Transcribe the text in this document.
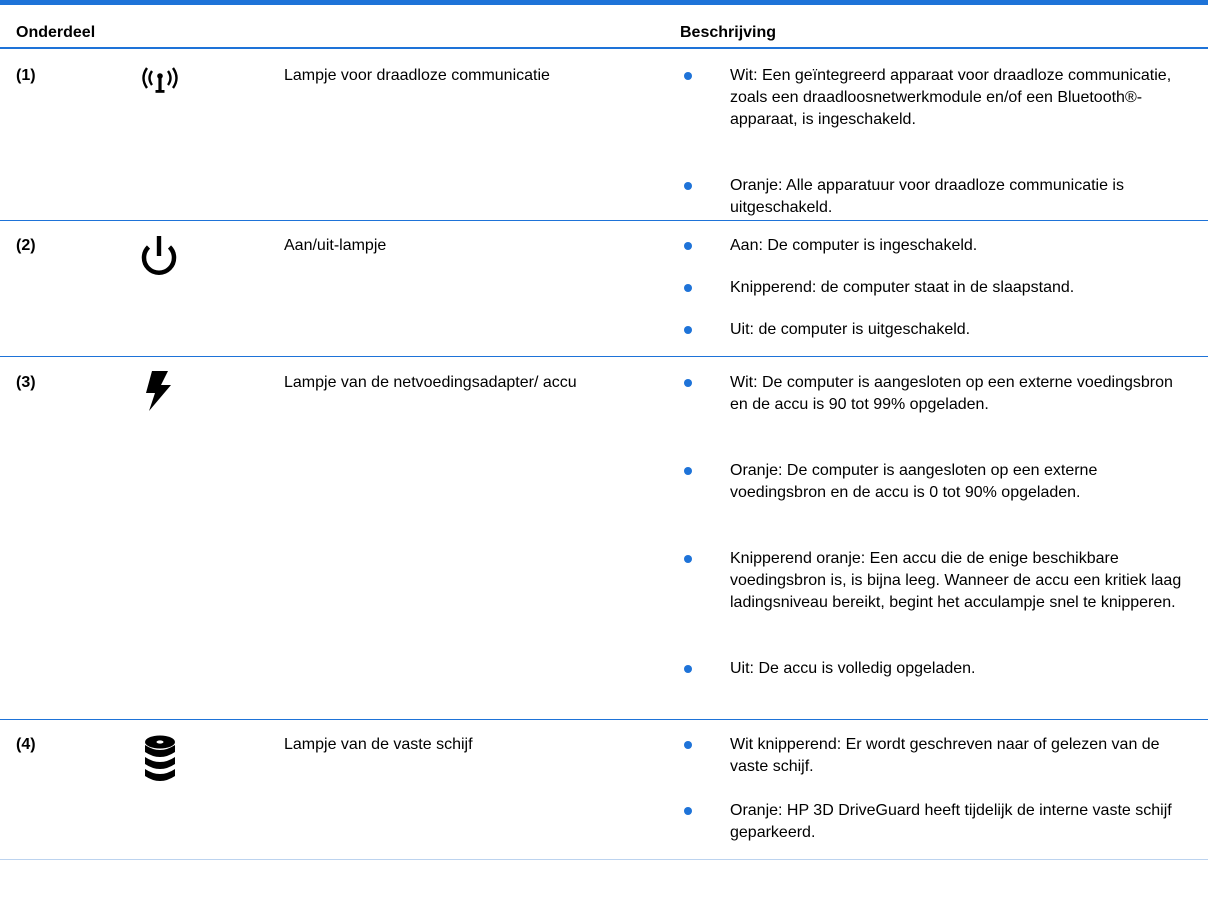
Onderdeel	Beschrijving
(1)	Lampje voor draadloze communicatie	Wit: Een geïntegreerd apparaat voor draadloze communicatie, zoals een draadloosnetwerkmodule en/of een Bluetooth®-apparaat, is ingeschakeld.
Oranje: Alle apparatuur voor draadloze communicatie is uitgeschakeld.
(2)	Aan/uit-lampje	Aan: De computer is ingeschakeld.
Knipperend: de computer staat in de slaapstand.
Uit: de computer is uitgeschakeld.
(3)	Lampje van de netvoedingsadapter/ accu	Wit: De computer is aangesloten op een externe voedingsbron en de accu is 90 tot 99% opgeladen.
Oranje: De computer is aangesloten op een externe voedingsbron en de accu is 0 tot 90% opgeladen.
Knipperend oranje: Een accu die de enige beschikbare voedingsbron is, is bijna leeg. Wanneer de accu een kritiek laag ladingsniveau bereikt, begint het acculampje snel te knipperen.
Uit: De accu is volledig opgeladen.
(4)	Lampje van de vaste schijf	Wit knipperend: Er wordt geschreven naar of gelezen van de vaste schijf.
Oranje: HP 3D DriveGuard heeft tijdelijk de interne vaste schijf geparkeerd.
